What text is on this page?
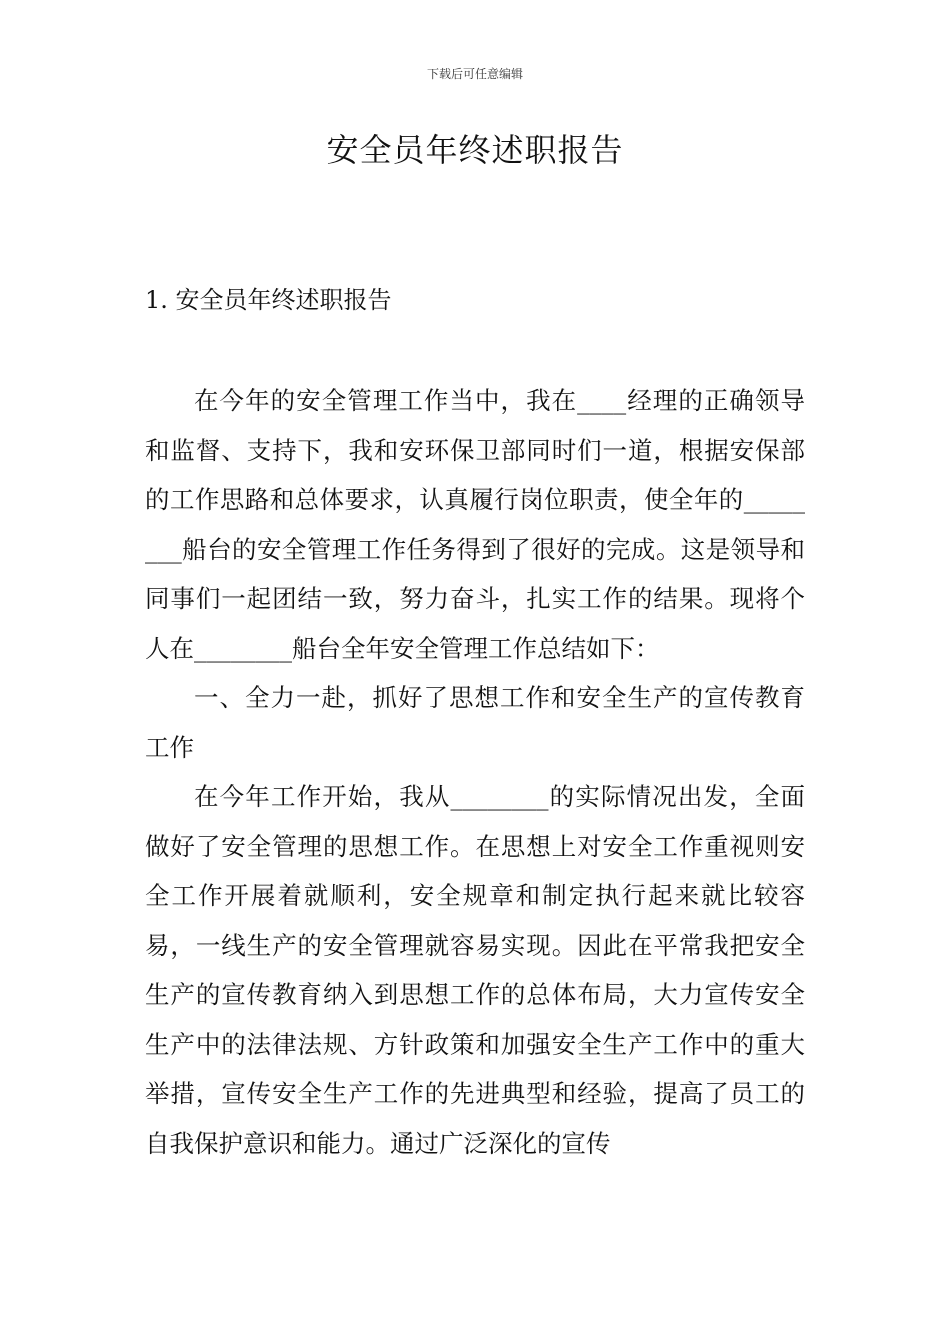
下载后可任意编辑
安全员年终述职报告
1. 安全员年终述职报告

在今年的安全管理工作当中，我在____经理的正确领导和监督、支持下，我和安环保卫部同时们一道，根据安保部的工作思路和总体要求，认真履行岗位职责，使全年的________船台的安全管理工作任务得到了很好的完成。这是领导和同事们一起团结一致，努力奋斗，扎实工作的结果。现将个人在________船台全年安全管理工作总结如下：

一、全力一赴，抓好了思想工作和安全生产的宣传教育工作

在今年工作开始，我从________的实际情况出发，全面做好了安全管理的思想工作。在思想上对安全工作重视则安全工作开展着就顺利，安全规章和制定执行起来就比较容易，一线生产的安全管理就容易实现。因此在平常我把安全生产的宣传教育纳入到思想工作的总体布局，大力宣传安全生产中的法律法规、方针政策和加强安全生产工作中的重大举措，宣传安全生产工作的先进典型和经验，提高了员工的自我保护意识和能力。通过广泛深化的宣传
